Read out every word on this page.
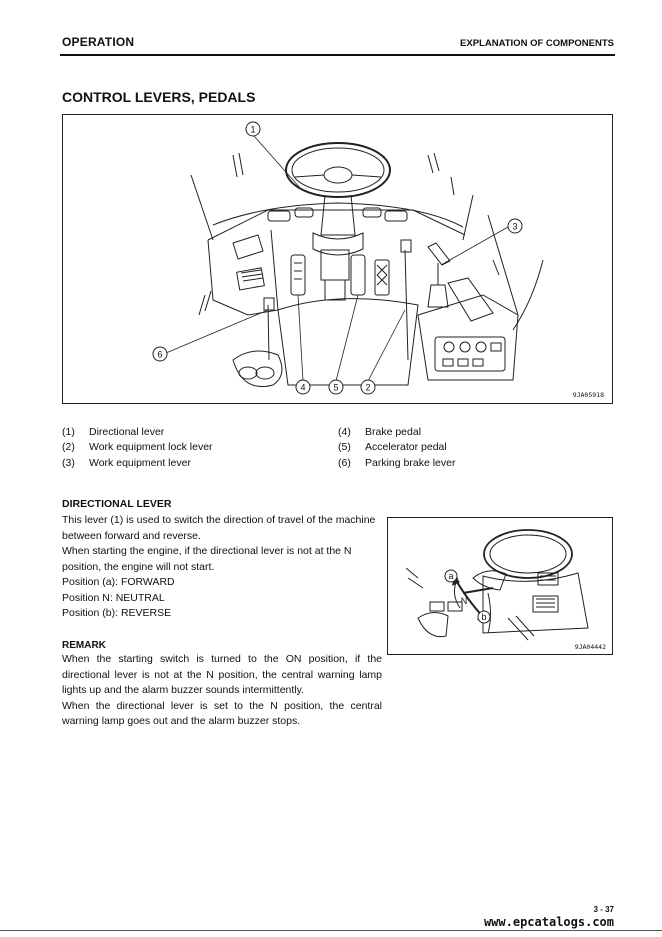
OPERATION	EXPLANATION OF COMPONENTS
CONTROL LEVERS, PEDALS
1
3
6
4	5	2
9JA05918
(1) Directional lever
(2) Work equipment lock lever
(3) Work equipment lever
(4) Brake pedal
(5) Accelerator pedal
(6) Parking brake lever
DIRECTIONAL LEVER

This lever (1) is used to switch the direction of travel of the machine between forward and reverse.

When starting the engine, if the directional lever is not at the N position, the engine will not start.

Position (a): FORWARD

Position N: NEUTRAL

Position (b): REVERSE

REMARK

When the starting switch is turned to the ON position, if the directional lever is not at the N position, the central warning lamp lights up and the alarm buzzer sounds intermittently.

When the directional lever is set to the N position, the central warning lamp goes out and the alarm buzzer stops.

a
N
b
9JA04442
3 - 37
www.epcatalogs.com
